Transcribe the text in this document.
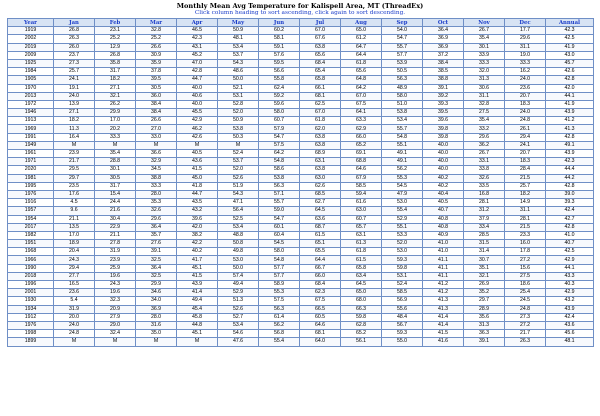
Monthly Mean Avg Temperature for Kalispell Area, MT (ThreadEx)
Click column heading to sort ascending, click again to sort descending.
Year	Jan	Feb	Mar	Apr	May	Jun	Jul	Aug	Sep	Oct	Nov	Dec	Annual
1919	26.8	23.1	32.8	46.5	50.9	60.2	67.0	65.0	54.0	36.4	26.7	17.7	42.3
2002	26.3	25.2	25.2	42.3	48.1	58.1	67.6	61.2	54.7	36.9	35.4	29.6	42.5
2019	26.0	12.9	26.6	43.1	53.4	59.1	63.8	64.7	55.7	36.9	30.1	31.1	41.9
2009	23.7	26.8	30.9	45.2	53.7	57.6	65.6	64.4	57.7	37.2	33.9	19.0	43.0
1925	27.3	35.8	35.9	47.0	54.3	59.5	68.4	61.8	53.9	38.4	33.3	33.3	45.7
1984	25.7	31.7	37.8	42.8	48.6	56.6	65.4	65.6	50.5	38.5	32.0	16.2	42.6
1905	24.1	18.2	39.5	44.7	50.0	55.8	65.8	64.8	56.3	38.8	31.3	24.0	42.8
1970	19.1	27.1	30.5	40.0	52.1	62.4	66.1	64.2	48.9	39.1	30.6	23.6	42.0
2013	24.0	32.1	36.0	40.6	53.1	59.2	68.1	67.0	58.0	39.2	31.1	20.7	44.1
1972	13.9	26.2	38.4	40.0	52.8	59.6	62.5	67.5	51.0	39.3	32.8	18.3	41.9
1946	27.1	29.9	38.4	45.5	52.0	58.0	67.0	64.1	53.8	39.5	27.5	24.0	43.9
1913	18.2	17.0	26.6	42.9	50.9	60.7	61.8	63.3	53.4	39.6	35.4	24.8	41.2
1969	11.3	20.2	27.0	46.2	53.8	57.9	62.0	62.9	55.7	39.8	33.2	26.1	41.3
1991	16.4	33.3	33.0	42.6	50.3	54.7	63.8	66.0	54.8	39.8	29.6	29.4	42.8
1949	M	M	M	M	M	57.5	63.8	65.2	55.1	40.0	36.2	24.1	49.1
1961	23.9	35.4	36.6	40.5	52.4	64.2	68.9	69.1	49.1	40.0	26.7	20.7	43.9
1971	21.7	28.8	32.9	43.6	53.7	54.8	63.1	68.8	49.1	40.0	33.1	18.3	42.3
2020	29.5	30.1	34.5	41.5	52.0	58.6	63.8	64.6	56.2	40.0	33.8	28.4	44.4
1981	29.7	30.5	38.8	45.0	52.6	53.8	63.0	67.9	55.3	40.2	32.6	21.5	44.2
1995	23.5	31.7	33.3	41.8	51.9	56.3	62.6	58.5	54.5	40.2	33.5	25.7	42.8
1976	17.6	15.4	28.0	44.7	54.3	57.1	68.5	59.4	47.9	40.4	16.8	18.2	39.0
1916	4.5	24.4	35.3	43.5	47.1	55.7	62.7	61.6	53.0	40.5	28.1	14.9	39.3
1957	9.6	21.6	32.6	43.2	56.4	59.0	64.5	63.0	55.4	40.7	31.2	31.1	42.4
1954	21.1	30.4	29.6	39.6	52.5	54.7	63.6	60.7	52.9	40.8	37.9	28.1	42.7
2017	13.5	22.9	36.4	42.0	53.4	60.1	68.7	65.7	55.1	40.8	33.4	21.5	42.8
1982	17.0	21.1	35.7	38.2	48.8	60.4	61.5	63.1	53.3	40.9	28.5	23.3	41.0
1951	18.9	27.8	27.6	42.2	50.8	54.5	65.1	61.3	52.0	41.0	31.5	16.0	40.7
1968	20.4	31.9	39.1	40.2	49.8	58.0	65.5	61.8	53.0	41.0	31.4	17.8	42.5
1966	24.3	23.9	32.5	41.7	53.0	54.8	64.4	61.5	59.3	41.1	30.7	27.2	42.9
1990	29.4	25.9	36.4	45.1	50.0	57.7	66.7	65.8	59.8	41.1	35.1	15.6	44.1
2018	27.7	19.6	32.5	41.5	57.4	57.7	66.0	63.4	53.1	41.1	32.1	27.5	43.3
1996	16.5	24.3	29.9	43.9	49.4	58.9	68.4	64.5	52.4	41.2	26.9	18.6	40.3
2001	23.6	19.6	34.6	41.4	52.9	55.3	62.3	65.0	58.5	41.2	35.2	25.4	42.9
1930	5.4	32.3	34.0	49.4	51.3	57.5	67.5	68.0	56.9	41.3	29.7	24.5	43.2
1934	31.9	20.9	36.9	45.4	52.6	56.3	66.5	66.3	55.6	41.3	28.9	24.8	43.9
1912	20.0	27.9	28.0	45.8	52.7	61.4	60.5	59.8	48.4	41.4	35.6	27.3	42.4
1976	24.0	29.0	31.6	44.8	53.4	56.2	64.6	62.8	56.7	41.4	31.3	27.2	43.6
1998	24.8	32.4	35.0	45.1	54.6	56.8	68.1	65.2	59.3	41.5	36.3	21.7	45.6
1899	M	M	M	M	47.6	55.4	64.0	56.1	55.0	41.6	39.1	26.3	48.1
